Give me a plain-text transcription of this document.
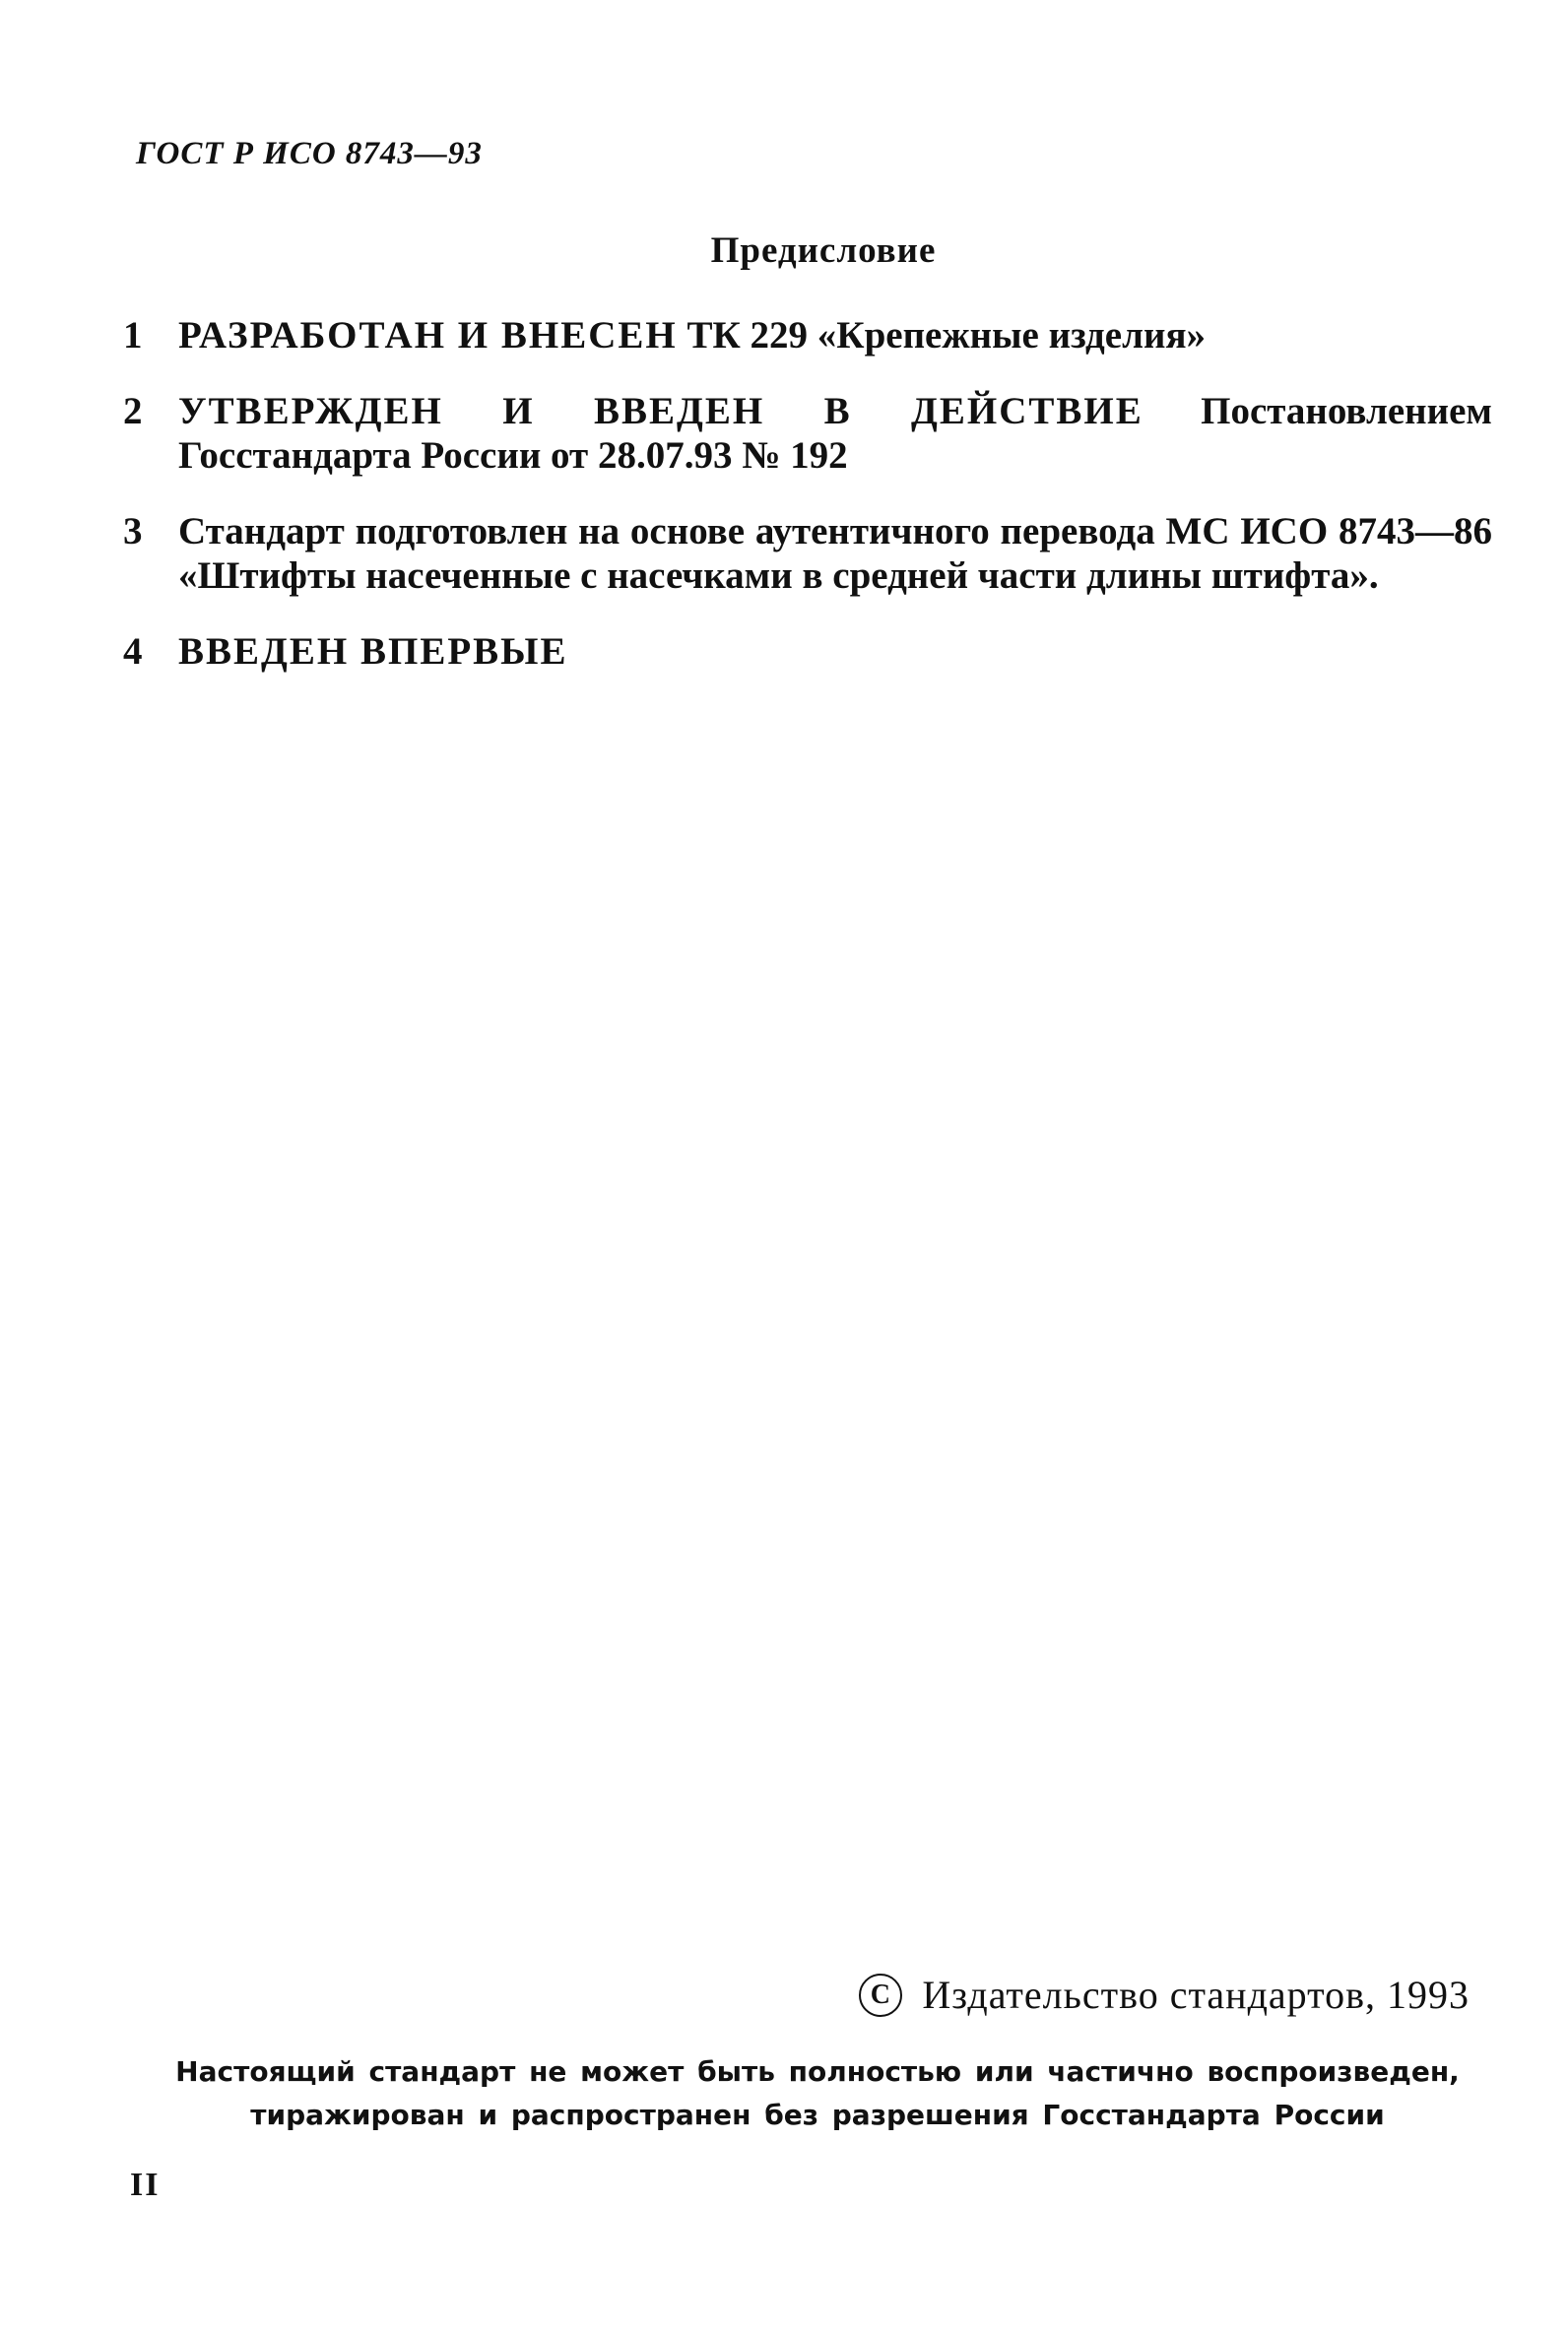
ГОСТ Р ИСО 8743—93
Предисловие
1 РАЗРАБОТАН И ВНЕСЕН ТК 229 «Крепежные изделия»
2 УТВЕРЖДЕН И ВВЕДЕН В ДЕЙСТВИЕ Постановлением Госстандарта России от 28.07.93 № 192
3 Стандарт подготовлен на основе аутентичного перевода МС ИСО 8743—86 «Штифты насеченные с насечками в средней части длины штифта».
4 ВВЕДЕН ВПЕРВЫЕ
C Издательство стандартов, 1993
Настоящий стандарт не может быть полностью или частично воспроизведен, тиражирован и распространен без разрешения Госстандарта России
II
